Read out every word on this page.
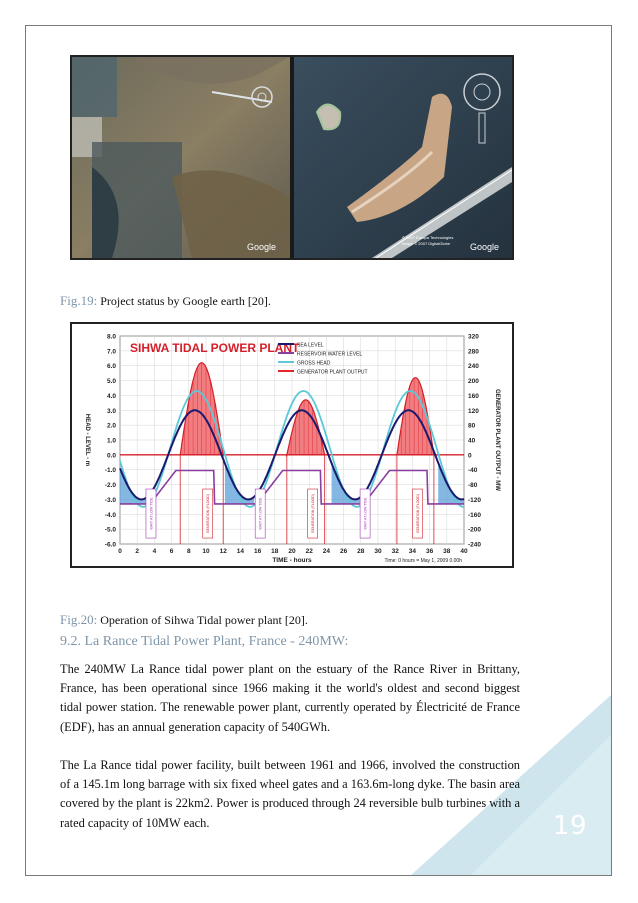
19
Google
© 2007 Europa Technologies
Image © 2007 DigitalGlobe Google
Fig.19: Project status by Google earth [20].
SIHWA TIDAL POWER PLANT
SEA LEVEL
RESERVOIR WATER LEVEL
GROSS HEAD
GENERATOR PLANT OUTPUT
8.0
7.0
6.0
5.0
4.0
3.0
2.0
1.0
0.0
-1.0
-2.0
-3.0
-4.0
-5.0
-6.0
320
280
240
200
160
120
80
40
0
-40
-80
-120
-160
-200
-240
0 2 4 6 8 10 12 14 16 18 20 22 24 26 28 30 32 34 36 38 40
HEAD - LEVEL - m	GENERATOR PLANT OUTPUT - MW
TIME - hours	Time: 0 hours = May 1, 2009 0.00h
WAIT AT LOW TIDE	GENERATION (FLOOD)	WAIT AT LOW TIDE	GENERATION (FLOOD)	WAIT AT LOW TIDE	GENERATION (FLOOD)
Fig.20: Operation of Sihwa Tidal power plant [20].
9.2. La Rance Tidal Power Plant, France - 240MW:
The 240MW La Rance tidal power plant on the estuary of the Rance River in Brittany, France, has been operational since 1966 making it the world's oldest and second biggest tidal power station. The renewable power plant, currently operated by Électricité de France (EDF), has an annual generation capacity of 540GWh.
The La Rance tidal power facility, built between 1961 and 1966, involved the construction of a 145.1m long barrage with six fixed wheel gates and a 163.6m-long dyke. The basin area covered by the plant is 22km2. Power is produced through 24 reversible bulb turbines with a rated capacity of 10MW each.
